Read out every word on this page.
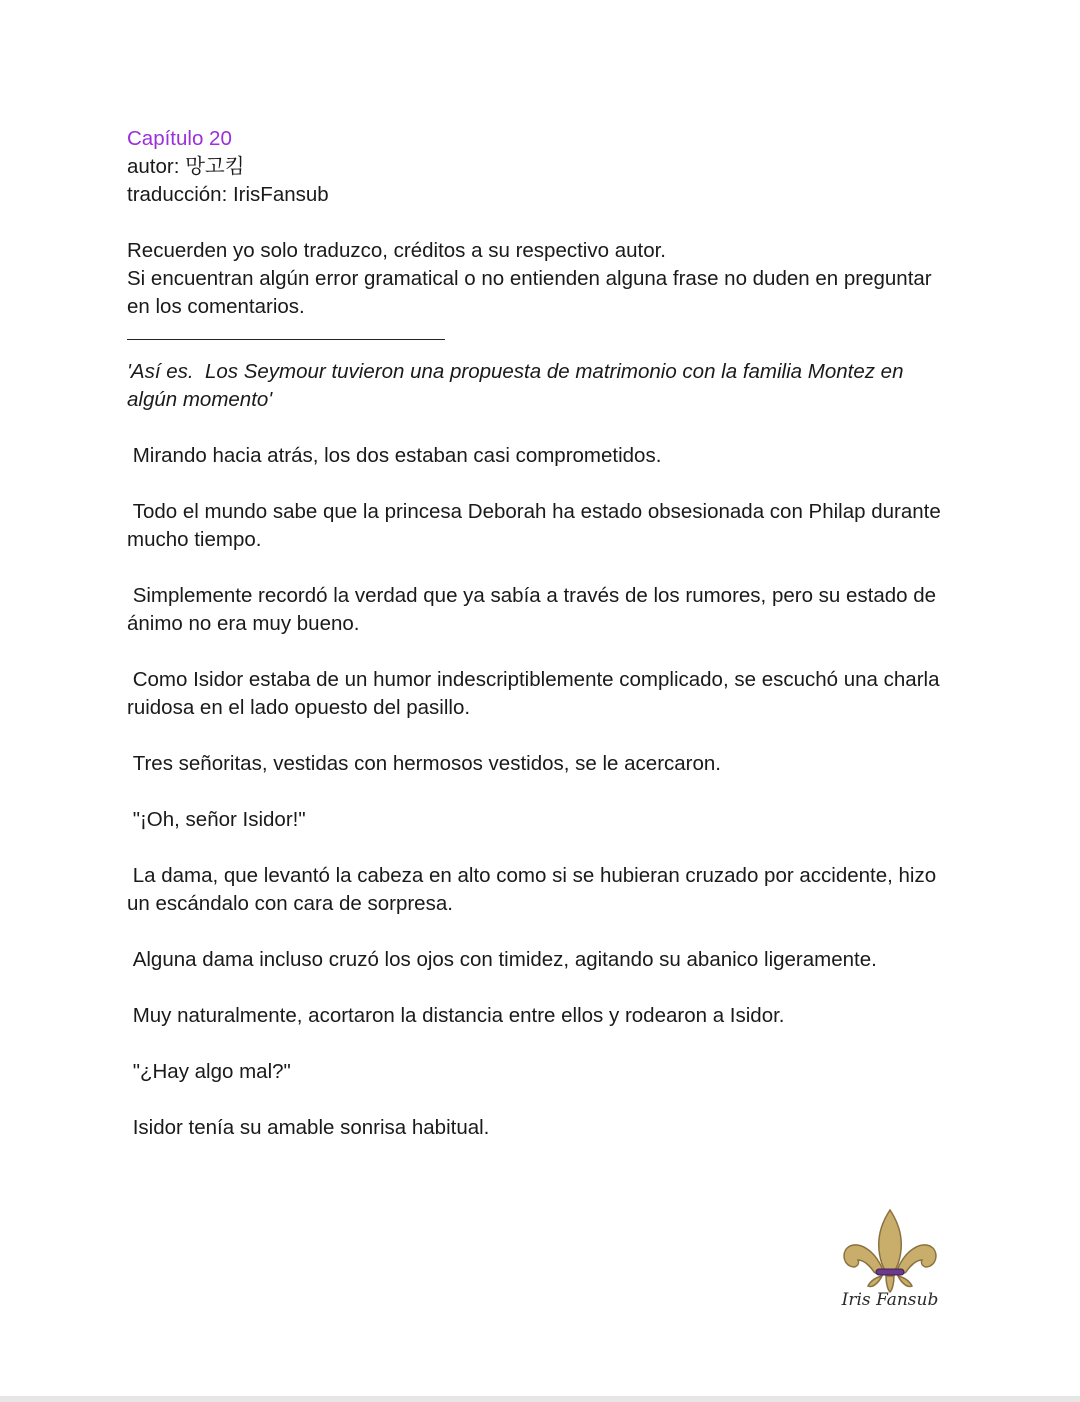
Capítulo 20
autor: 망고킴
traducción: IrisFansub
Recuerden yo solo traduzco, créditos a su respectivo autor.
Si encuentran algún error gramatical o no entienden alguna frase no duden en preguntar en los comentarios.
'Así es.  Los Seymour tuvieron una propuesta de matrimonio con la familia Montez en algún momento'
Mirando hacia atrás, los dos estaban casi comprometidos.
Todo el mundo sabe que la princesa Deborah ha estado obsesionada con Philap durante mucho tiempo.
Simplemente recordó la verdad que ya sabía a través de los rumores, pero su estado de ánimo no era muy bueno.
Como Isidor estaba de un humor indescriptiblemente complicado, se escuchó una charla ruidosa en el lado opuesto del pasillo.
Tres señoritas, vestidas con hermosos vestidos, se le acercaron.
"¡Oh, señor Isidor!"
La dama, que levantó la cabeza en alto como si se hubieran cruzado por accidente, hizo un escándalo con cara de sorpresa.
Alguna dama incluso cruzó los ojos con timidez, agitando su abanico ligeramente.
Muy naturalmente, acortaron la distancia entre ellos y rodearon a Isidor.
"¿Hay algo mal?"
Isidor tenía su amable sonrisa habitual.
Iris Fansub
